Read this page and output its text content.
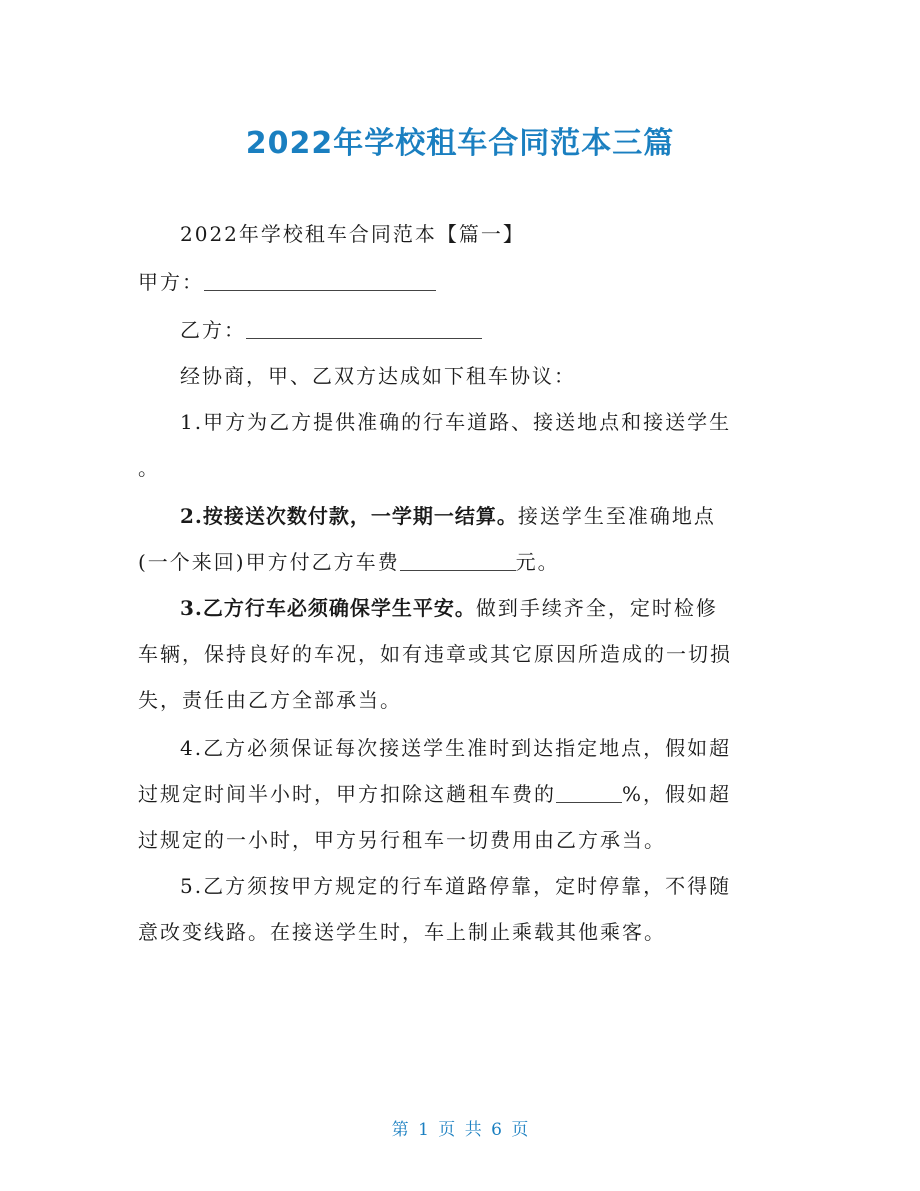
2022年学校租车合同范本三篇
2022年学校租车合同范本【篇一】
甲方：
乙方：
经协商，甲、乙双方达成如下租车协议：
1.甲方为乙方提供准确的行车道路、接送地点和接送学生
。
2.按接送次数付款，一学期一结算。接送学生至准确地点
(一个来回)甲方付乙方车费	元。
3.乙方行车必须确保学生平安。做到手续齐全，定时检修
车辆，保持良好的车况，如有违章或其它原因所造成的一切损
失，责任由乙方全部承当。
4.乙方必须保证每次接送学生准时到达指定地点，假如超
过规定时间半小时，甲方扣除这趟租车费的	%，假如超
过规定的一小时，甲方另行租车一切费用由乙方承当。
5.乙方须按甲方规定的行车道路停靠，定时停靠，不得随
意改变线路。在接送学生时，车上制止乘载其他乘客。
第 1 页 共 6 页
